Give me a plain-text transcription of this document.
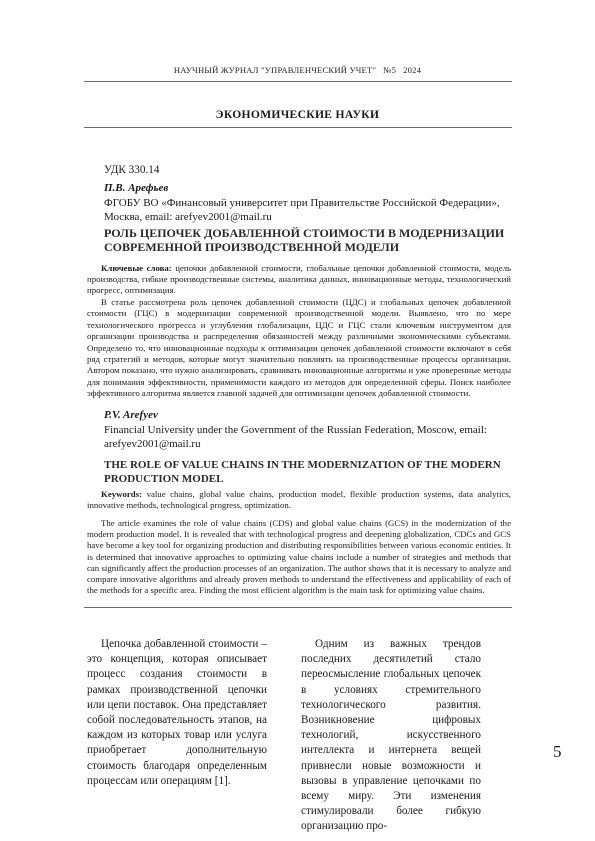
НАУЧНЫЙ ЖУРНАЛ "УПРАВЛЕНЧЕСКИЙ УЧЕТ"   №5   2024
ЭКОНОМИЧЕСКИЕ НАУКИ
УДК 330.14
П.В. Арефьев
ФГОБУ ВО «Финансовый университет при Правительстве Российской Федерации», Москва, email: arefyev2001@mail.ru
РОЛЬ ЦЕПОЧЕК ДОБАВЛЕННОЙ СТОИМОСТИ В МОДЕРНИЗАЦИИ СОВРЕМЕННОЙ ПРОИЗВОДСТВЕННОЙ МОДЕЛИ
Ключевые слова: цепочки добавленной стоимости, глобальные цепочки добавленной стоимости, модель производства, гибкие производственные системы, аналитика данных, инновационные методы, технологический прогресс, оптимизация.
В статье рассмотрена роль цепочек добавленной стоимости (ЦДС) и глобальных цепочек добавленной стоимости (ГЦС) в модернизации современной производственной модели. Выявлено, что по мере технологического прогресса и углубления глобализации, ЦДС и ГЦС стали ключевым инструментом для организации производства и распределения обязанностей между различными экономическими субъектами. Определено то, что инновационные подходы к оптимизации цепочек добавленной стоимости включают в себя ряд стратегий и методов, которые могут значительно повлиять на производственные процессы организации. Автором показано, что нужно анализировать, сравнивать инновационные алгоритмы и уже проверенные методы для понимания эффективности, применимости каждого из методов для определенной сферы. Поиск наиболее эффективного алгоритма является главной задачей для оптимизации цепочек добавленной стоимости.
P.V. Arefyev
Financial University under the Government of the Russian Federation, Moscow, email: arefyev2001@mail.ru
THE ROLE OF VALUE CHAINS IN THE MODERNIZATION OF THE MODERN PRODUCTION MODEL
Keywords: value chains, global value chains, production model, flexible production systems, data analytics, innovative methods, technological progress, optimization.
The article examines the role of value chains (CDS) and global value chains (GCS) in the modernization of the modern production model. It is revealed that with technological progress and deepening globalization, CDCs and GCS have become a key tool for organizing production and distributing responsibilities between various economic entities. It is determined that innovative approaches to optimizing value chains include a number of strategies and methods that can significantly affect the production processes of an organization. The author shows that it is necessary to analyze and compare innovative algorithms and already proven methods to understand the effectiveness and applicability of each of the methods for a specific area. Finding the most efficient algorithm is the main task for optimizing value chains.
Цепочка добавленной стоимости – это концепция, которая описывает процесс создания стоимости в рамках производственной цепочки или цепи поставок. Она представляет собой последовательность этапов, на каждом из которых товар или услуга приобретает дополнительную стоимость благодаря определенным процессам или операциям [1].
Одним из важных трендов последних десятилетий стало переосмысление глобальных цепочек в условиях стремительного технологического развития. Возникновение цифровых технологий, искусственного интеллекта и интернета вещей привнесли новые возможности и вызовы в управление цепочками по всему миру. Эти изменения стимулировали более гибкую организацию про-
5
